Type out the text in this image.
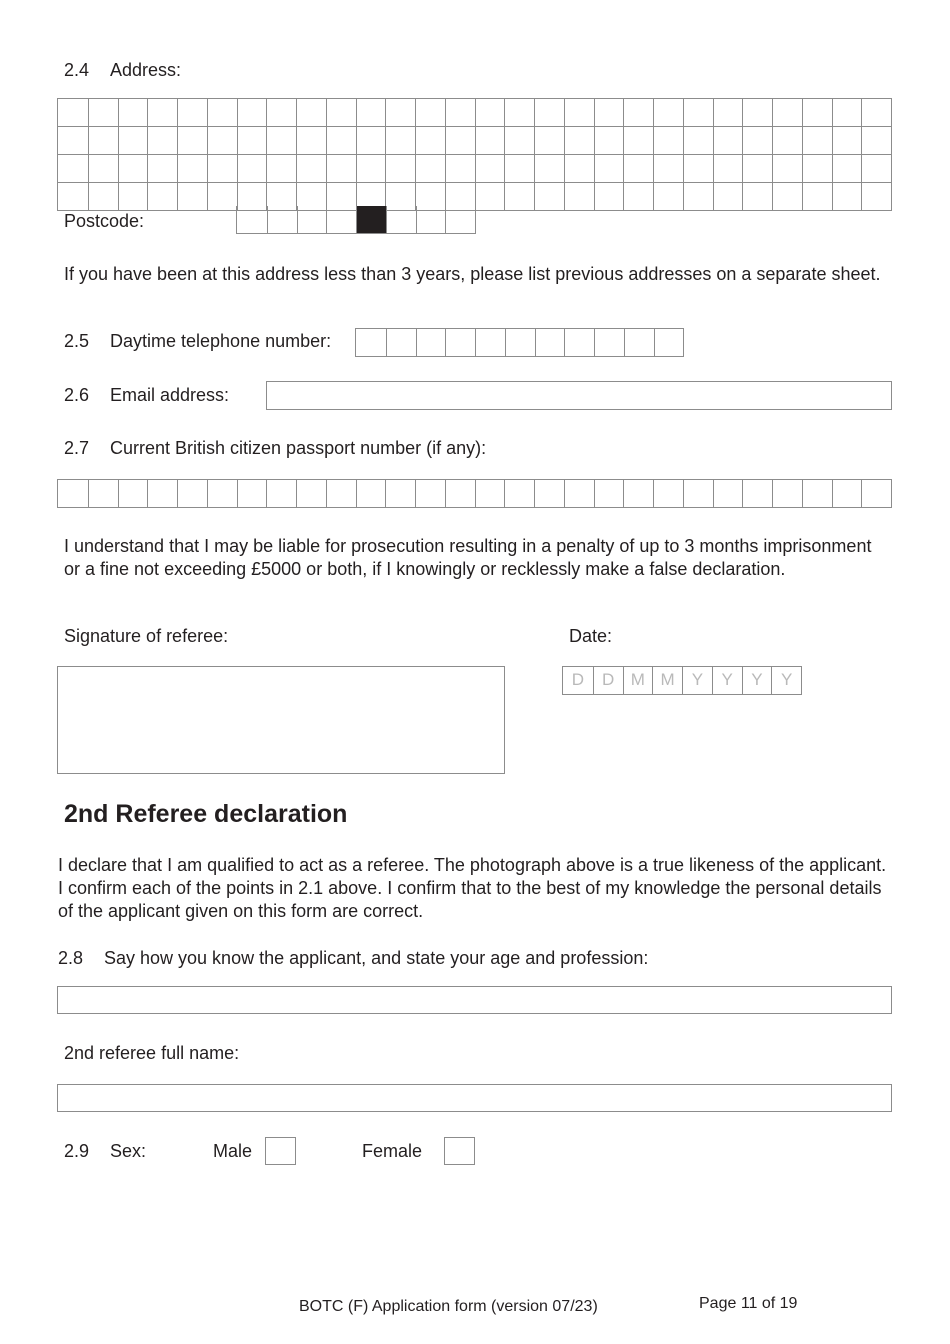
2.4 Address:
Postcode:
If you have been at this address less than 3 years, please list previous addresses on a separate sheet.
2.5 Daytime telephone number:
2.6 Email address:
2.7 Current British citizen passport number (if any):
I understand that I may be liable for prosecution resulting in a penalty of up to 3 months imprisonment or a fine not exceeding £5000 or both, if I knowingly or recklessly make a false declaration.
Signature of referee:	Date:
D	D M M	Y	Y	Y	Y
2nd Referee declaration
I declare that I am qualified to act as a referee. The photograph above is a true likeness of the applicant. I confirm each of the points in 2.1 above. I confirm that to the best of my knowledge the personal details of the applicant given on this form are correct.
2.8 Say how you know the applicant, and state your age and profession:
2nd referee full name:
2.9 Sex:	Male	Female
BOTC (F) Application form (version 07/23)	Page 11 of 19
